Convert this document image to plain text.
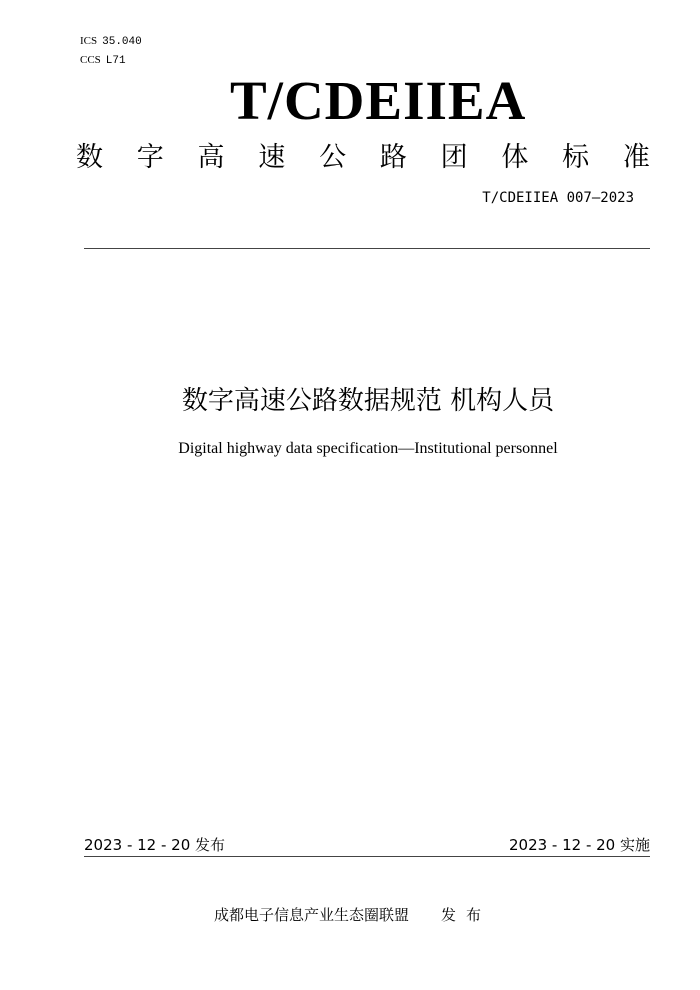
ICS 35.040
CCS L71
T/CDEIIEA
数 字 高 速 公 路 团 体 标 准
T/CDEIIEA 007—2023
数字高速公路数据规范 机构人员
Digital highway data specification—Institutional personnel
2023 - 12 - 20 发布	2023 - 12 - 20 实施
成都电子信息产业生态圈联盟 发布
